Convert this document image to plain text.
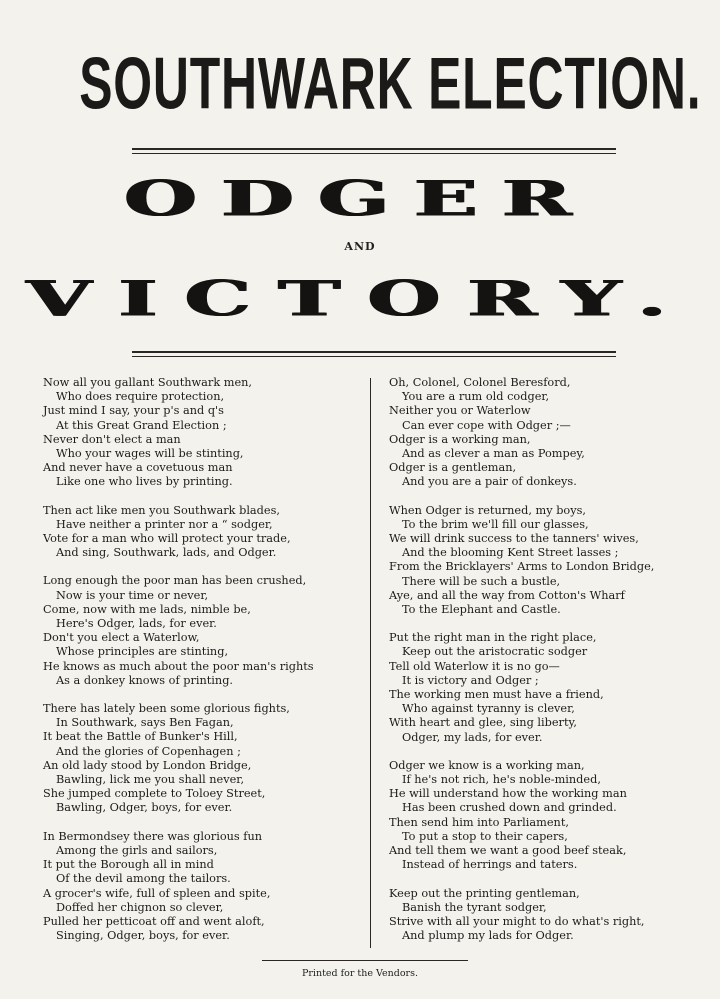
SOUTHWARK ELECTION.
ODGER
AND
VICTORY.
Now all you gallant Southwark men,
Who does require protection,
Just mind I say, your p's and q's
At this Great Grand Election ;
Never don't elect a man
Who your wages will be stinting,
And never have a covetuous man
Like one who lives by printing.
Then act like men you Southwark blades,
Have neither a printer nor a “ sodger,
Vote for a man who will protect your trade,
And sing, Southwark, lads, and Odger.
Long enough the poor man has been crushed,
Now is your time or never,
Come, now with me lads, nimble be,
Here's Odger, lads, for ever.
Don't you elect a Waterlow,
Whose principles are stinting,
He knows as much about the poor man's rights
As a donkey knows of printing.
There has lately been some glorious fights,
In Southwark, says Ben Fagan,
It beat the Battle of Bunker's Hill,
And the glories of Copenhagen ;
An old lady stood by London Bridge,
Bawling, lick me you shall never,
She jumped complete to Toloey Street,
Bawling, Odger, boys, for ever.
In Bermondsey there was glorious fun
Among the girls and sailors,
It put the Borough all in mind
Of the devil among the tailors.
A grocer's wife, full of spleen and spite,
Doffed her chignon so clever,
Pulled her petticoat off and went aloft,
Singing, Odger, boys, for ever.
Oh, Colonel, Colonel Beresford,
You are a rum old codger,
Neither you or Waterlow
Can ever cope with Odger ;—
Odger is a working man,
And as clever a man as Pompey,
Odger is a gentleman,
And you are a pair of donkeys.
When Odger is returned, my boys,
To the brim we'll fill our glasses,
We will drink success to the tanners' wives,
And the blooming Kent Street lasses ;
From the Bricklayers' Arms to London Bridge,
There will be such a bustle,
Aye, and all the way from Cotton's Wharf
To the Elephant and Castle.
Put the right man in the right place,
Keep out the aristocratic sodger
Tell old Waterlow it is no go—
It is victory and Odger ;
The working men must have a friend,
Who against tyranny is clever,
With heart and glee, sing liberty,
Odger, my lads, for ever.
Odger we know is a working man,
If he's not rich, he's noble-minded,
He will understand how the working man
Has been crushed down and grinded.
Then send him into Parliament,
To put a stop to their capers,
And tell them we want a good beef steak,
Instead of herrings and taters.
Keep out the printing gentleman,
Banish the tyrant sodger,
Strive with all your might to do what's right,
And plump my lads for Odger.
Printed for the Vendors.
